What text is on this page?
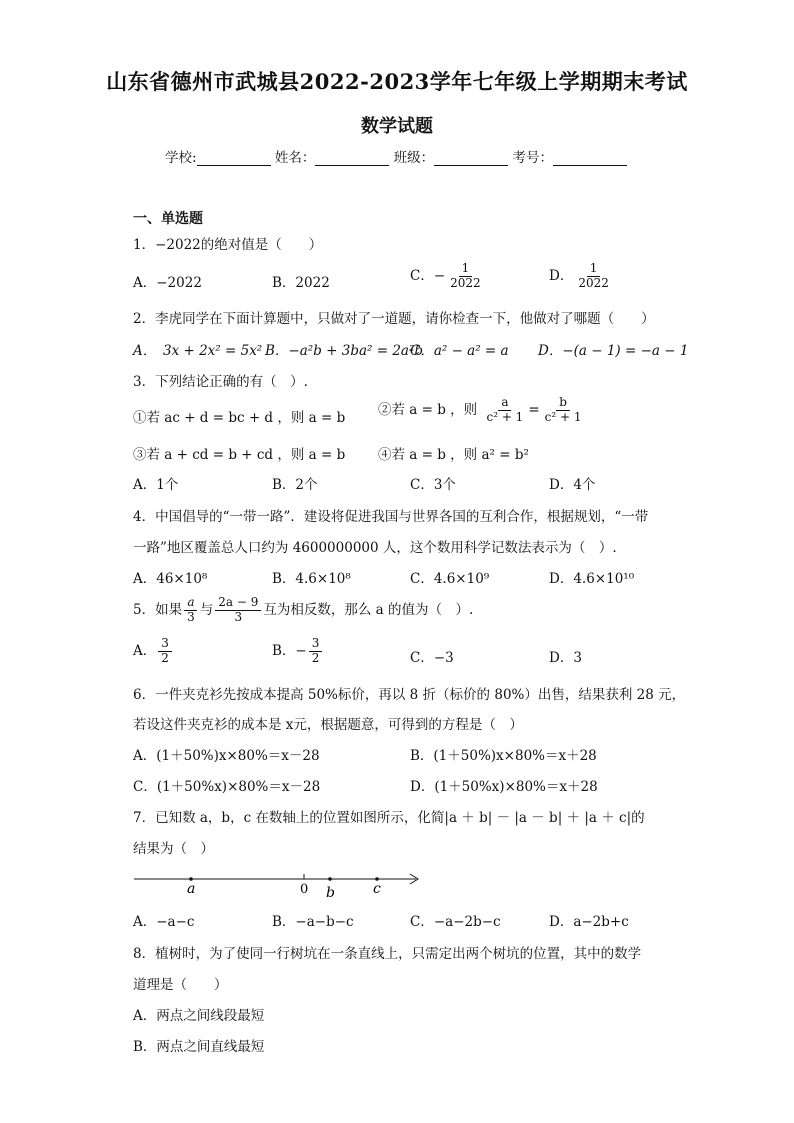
山东省德州市武城县2022-2023学年七年级上学期期末考试
数学试题
学校:	姓名：	班级：	考号：
一、单选题
1．−2022的绝对值是（　　）
A．−2022	B．2022	C．− $\frac{1}{2022}$	D． $\frac{1}{2022}$
2．李虎同学在下面计算题中，只做对了一道题，请你检查一下，他做对了哪题（　　）
A．　3x + 2x² = 5x² B．−a²b + 3ba² = 2a²b
C．a² − a² = a D．−(a − 1) = −a − 1
3．下列结论正确的有（　）.
①若 ac + d = bc + d ，则 a = b
②若 a = b ，则 $\frac{a}{\text{c² + 1}} = \frac{b}{\text{c² + 1}}$
③若 a + cd = b + cd ，则 a = b ④若 a = b ，则 a² = b²
A．1个	B．2个	C．3个	D．4个
4．中国倡导的“一带一路”．建设将促进我国与世界各国的互利合作，根据规划，“一带
一路”地区覆盖总人口约为 4600000000 人，这个数用科学记数法表示为（　）.
A．46×10⁸	B．4.6×10⁸	C．4.6×10⁹	D．4.6×10¹⁰
5．如果 $\frac{a}{3}$ 与 $\frac{2a - 9}{3}$ 互为相反数，那么 a 的值为（　）.
A． $\frac{3}{2}$	B．− $\frac{3}{2}$	C．−3	D．3
6．一件夹克衫先按成本提高 50%标价，再以 8 折（标价的 80%）出售，结果获利 28 元，
若设这件夹克衫的成本是 x元，根据题意，可得到的方程是（　）
A．(1＋50%)x×80%＝x－28	B．(1＋50%)x×80%＝x＋28
C．(1＋50%x)×80%＝x－28	D．(1＋50%x)×80%＝x＋28
7．已知数 a，b，c 在数轴上的位置如图所示，化简|a ＋ b| － |a － b| ＋ |a ＋ c|的
结果为（　）
a	0 b	c
A．−a−c	B．−a−b−c	C．−a−2b−c	D．a−2b+c
8．植树时，为了使同一行树坑在一条直线上，只需定出两个树坑的位置，其中的数学
道理是（　　）
A．两点之间线段最短
B．两点之间直线最短
